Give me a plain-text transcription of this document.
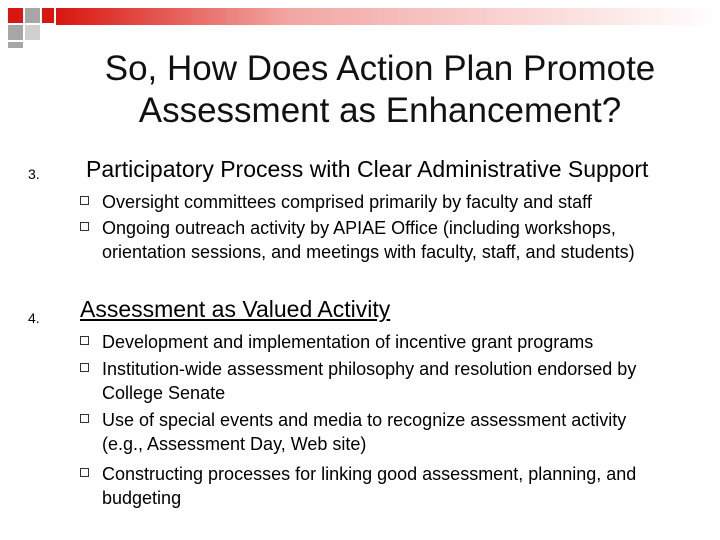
So, How Does Action Plan Promote
Assessment as Enhancement?
3. Participatory Process with Clear Administrative Support
Oversight committees comprised primarily by faculty and staff
Ongoing outreach activity by APIAE Office (including workshops, orientation sessions, and meetings with faculty, staff, and students)
4. Assessment as Valued Activity
Development and implementation of incentive grant programs
Institution-wide assessment philosophy and resolution endorsed by College Senate
Use of special events and media to recognize assessment activity (e.g., Assessment Day, Web site)
Constructing processes for linking good assessment, planning, and budgeting
